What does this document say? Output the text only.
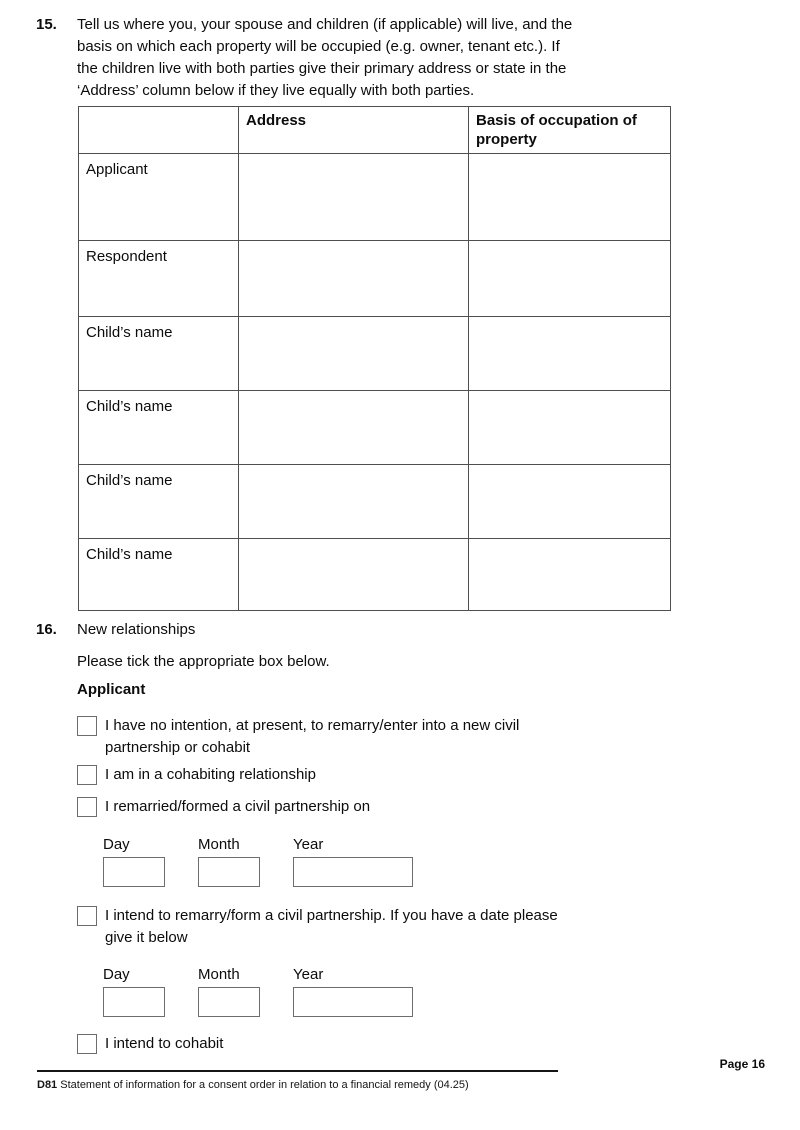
15.	Tell us where you, your spouse and children (if applicable) will live, and the basis on which each property will be occupied (e.g. owner, tenant etc.). If the children live with both parties give their primary address or state in the ‘Address’ column below if they live equally with both parties.
	Address	Basis of occupation of property
Applicant		
Respondent		
Child’s name		
Child’s name		
Child’s name		
Child’s name		
16.	New relationships

Please tick the appropriate box below.

Applicant

I have no intention, at present, to remarry/enter into a new civil partnership or cohabit
I am in a cohabiting relationship
I remarried/formed a civil partnership on
Day	Month	Year
I intend to remarry/form a civil partnership. If you have a date please give it below
Day	Month	Year
I intend to cohabit
Page 16
D81 Statement of information for a consent order in relation to a financial remedy (04.25)
